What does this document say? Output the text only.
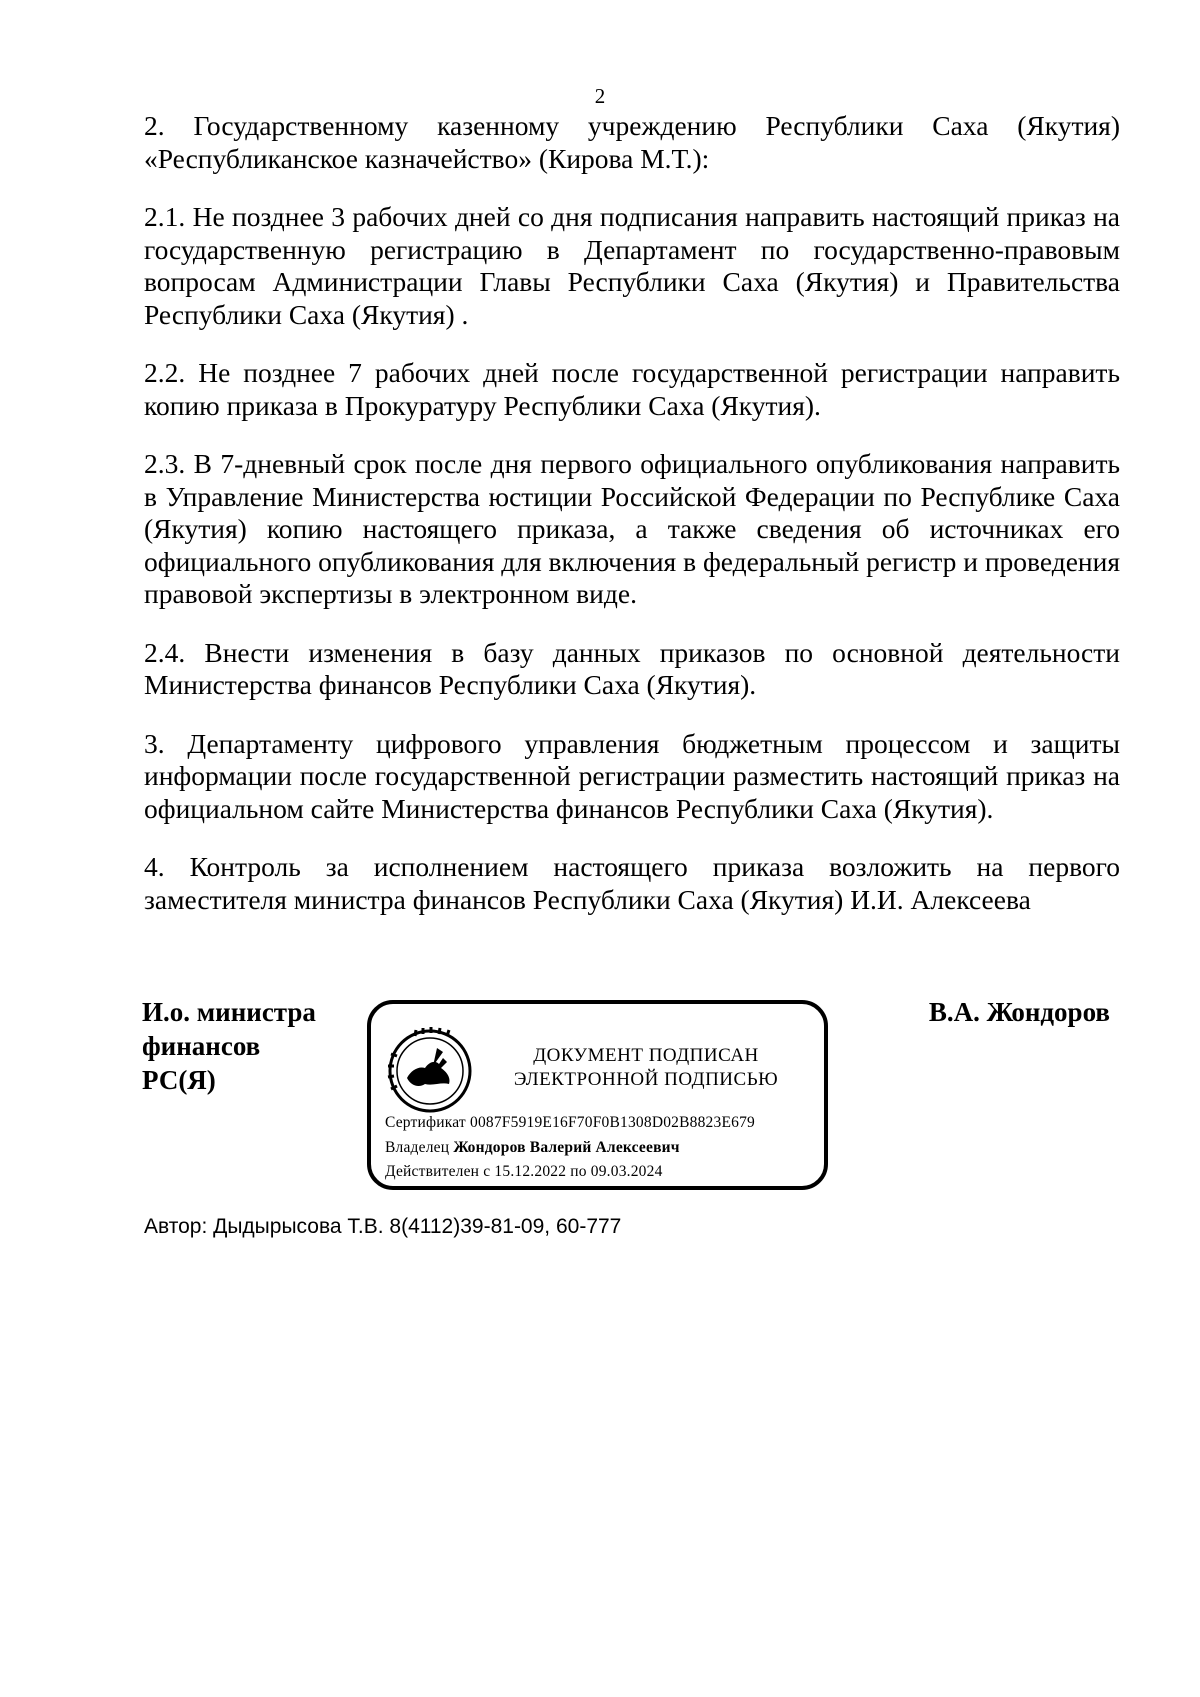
2

2. Государственному казенному учреждению Республики Саха (Якутия) «Республиканское казначейство» (Кирова М.Т.):

2.1. Не позднее 3 рабочих дней со дня подписания направить настоящий приказ на государственную регистрацию в Департамент по государственно-правовым вопросам Администрации Главы Республики Саха (Якутия) и Правительства Республики Саха (Якутия) .

2.2. Не позднее 7 рабочих дней после государственной регистрации направить копию приказа в Прокуратуру Республики Саха (Якутия).

2.3. В 7-дневный срок после дня первого официального опубликования направить в Управление Министерства юстиции Российской Федерации по Республике Саха (Якутия) копию настоящего приказа, а также сведения об источниках его официального опубликования для включения в федеральный регистр и проведения правовой экспертизы в электронном виде.

2.4. Внести изменения в базу данных приказов по основной деятельности Министерства финансов Республики Саха (Якутия).

3. Департаменту цифрового управления бюджетным процессом и защиты информации после государственной регистрации разместить настоящий приказ на официальном сайте Министерства финансов Республики Саха (Якутия).

4. Контроль за исполнением настоящего приказа возложить на первого заместителя министра финансов Республики Саха (Якутия) И.И. Алексеева

И.о. министра
финансов
РС(Я)
ДОКУМЕНТ ПОДПИСАН
ЭЛЕКТРОННОЙ ПОДПИСЬЮ
Сертификат 0087F5919E16F70F0B1308D02B8823E679
Владелец Жондоров Валерий Алексеевич
Действителен с 15.12.2022 по 09.03.2024
В.А. Жондоров
Автор: Дыдырысова Т.В. 8(4112)39-81-09, 60-777
